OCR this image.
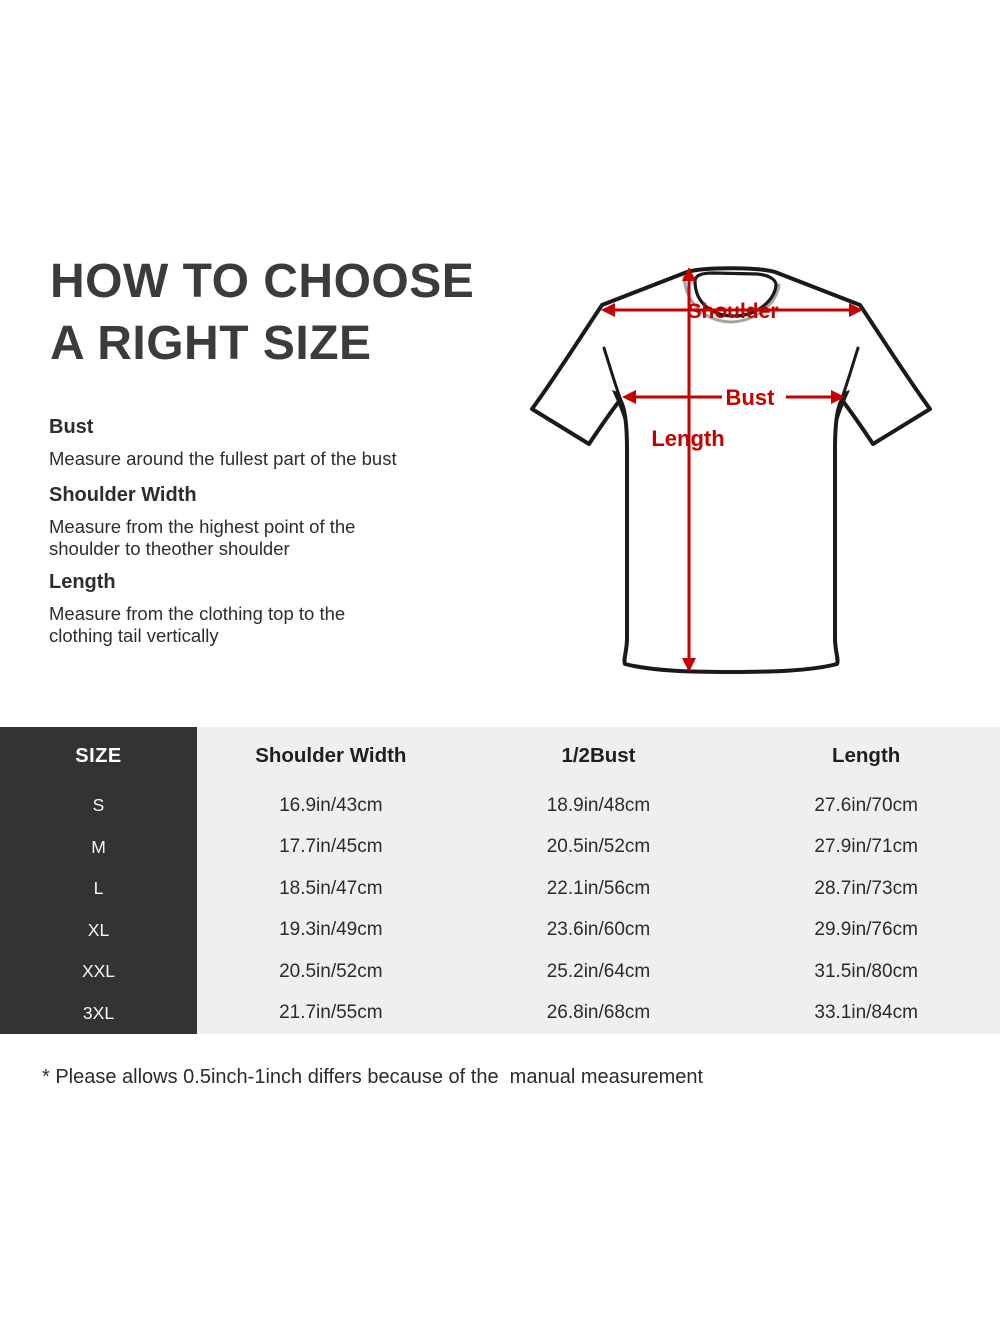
HOW TO CHOOSE
A RIGHT SIZE
Bust
Measure around the fullest part of the bust
Shoulder Width
Measure from the highest point of the
shoulder to theother shoulder
Length
Measure from the clothing top to the
clothing tail vertically
Shoulder
Bust
Length
SIZE	Shoulder Width	1/2Bust	Length
S	16.9in/43cm	18.9in/48cm	27.6in/70cm
M	17.7in/45cm	20.5in/52cm	27.9in/71cm
L	18.5in/47cm	22.1in/56cm	28.7in/73cm
XL	19.3in/49cm	23.6in/60cm	29.9in/76cm
XXL	20.5in/52cm	25.2in/64cm	31.5in/80cm
3XL	21.7in/55cm	26.8in/68cm	33.1in/84cm
* Please allows 0.5inch-1inch differs because of the  manual measurement
